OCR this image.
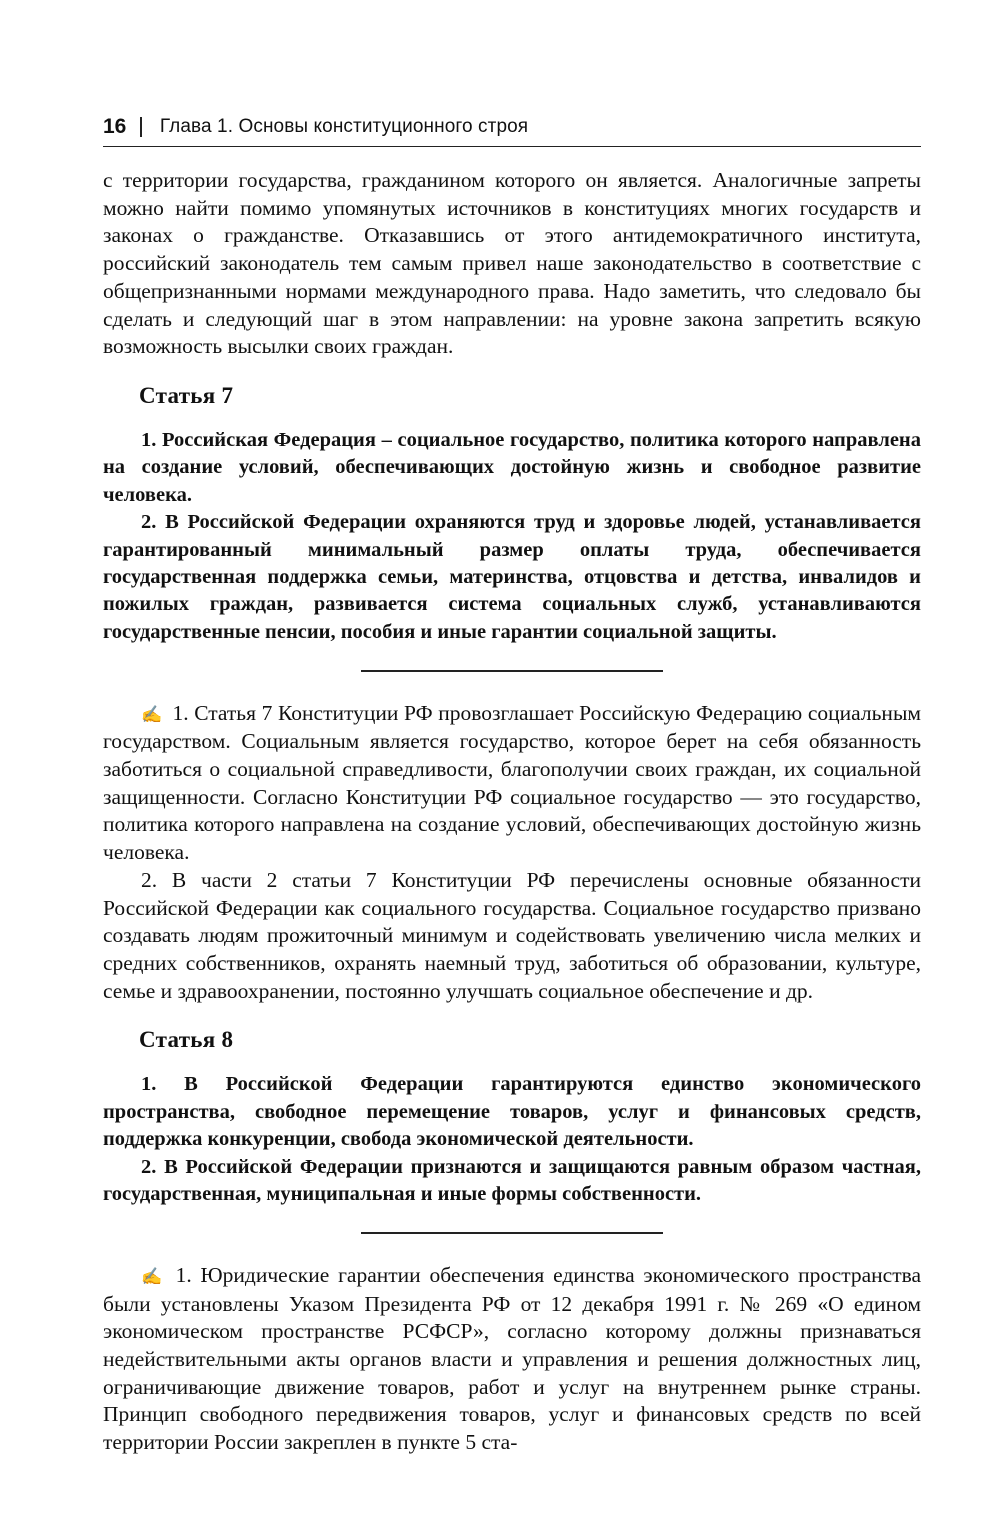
16 Глава 1. Основы конституционного строя

с территории государства, гражданином которого он является. Аналогичные запреты можно найти помимо упомянутых источников в конституциях многих государств и законах о гражданстве. Отказавшись от этого антидемократичного института, российский законодатель тем самым привел наше законодательство в соответствие с общепризнанными нормами международного права. Надо заметить, что следовало бы сделать и следующий шаг в этом направлении: на уровне закона запретить всякую возможность высылки своих граждан.

Статья 7

1. Российская Федерация – социальное государство, политика которого направлена на создание условий, обеспечивающих достойную жизнь и свободное развитие человека.

2. В Российской Федерации охраняются труд и здоровье людей, устанавливается гарантированный минимальный размер оплаты труда, обеспечивается государственная поддержка семьи, материнства, отцовства и детства, инвалидов и пожилых граждан, развивается система социальных служб, устанавливаются государственные пенсии, пособия и иные гарантии социальной защиты.

✍ 1. Статья 7 Конституции РФ провозглашает Российскую Федерацию социальным государством. Социальным является государство, которое берет на себя обязанность заботиться о социальной справедливости, благополучии своих граждан, их социальной защищенности. Согласно Конституции РФ социальное государство — это государство, политика которого направлена на создание условий, обеспечивающих достойную жизнь человека.

2. В части 2 статьи 7 Конституции РФ перечислены основные обязанности Российской Федерации как социального государства. Социальное государство призвано создавать людям прожиточный минимум и содействовать увеличению числа мелких и средних собственников, охранять наемный труд, заботиться об образовании, культуре, семье и здравоохранении, постоянно улучшать социальное обеспечение и др.

Статья 8

1. В Российской Федерации гарантируются единство экономического пространства, свободное перемещение товаров, услуг и финансовых средств, поддержка конкуренции, свобода экономической деятельности.

2. В Российской Федерации признаются и защищаются равным образом частная, государственная, муниципальная и иные формы собственности.

✍ 1. Юридические гарантии обеспечения единства экономического пространства были установлены Указом Президента РФ от 12 декабря 1991 г. № 269 «О едином экономическом пространстве РСФСР», согласно которому должны признаваться недействительными акты органов власти и управления и решения должностных лиц, ограничивающие движение товаров, работ и услуг на внутреннем рынке страны. Принцип свободного передвижения товаров, услуг и финансовых средств по всей территории России закреплен в пункте 5 ста-
